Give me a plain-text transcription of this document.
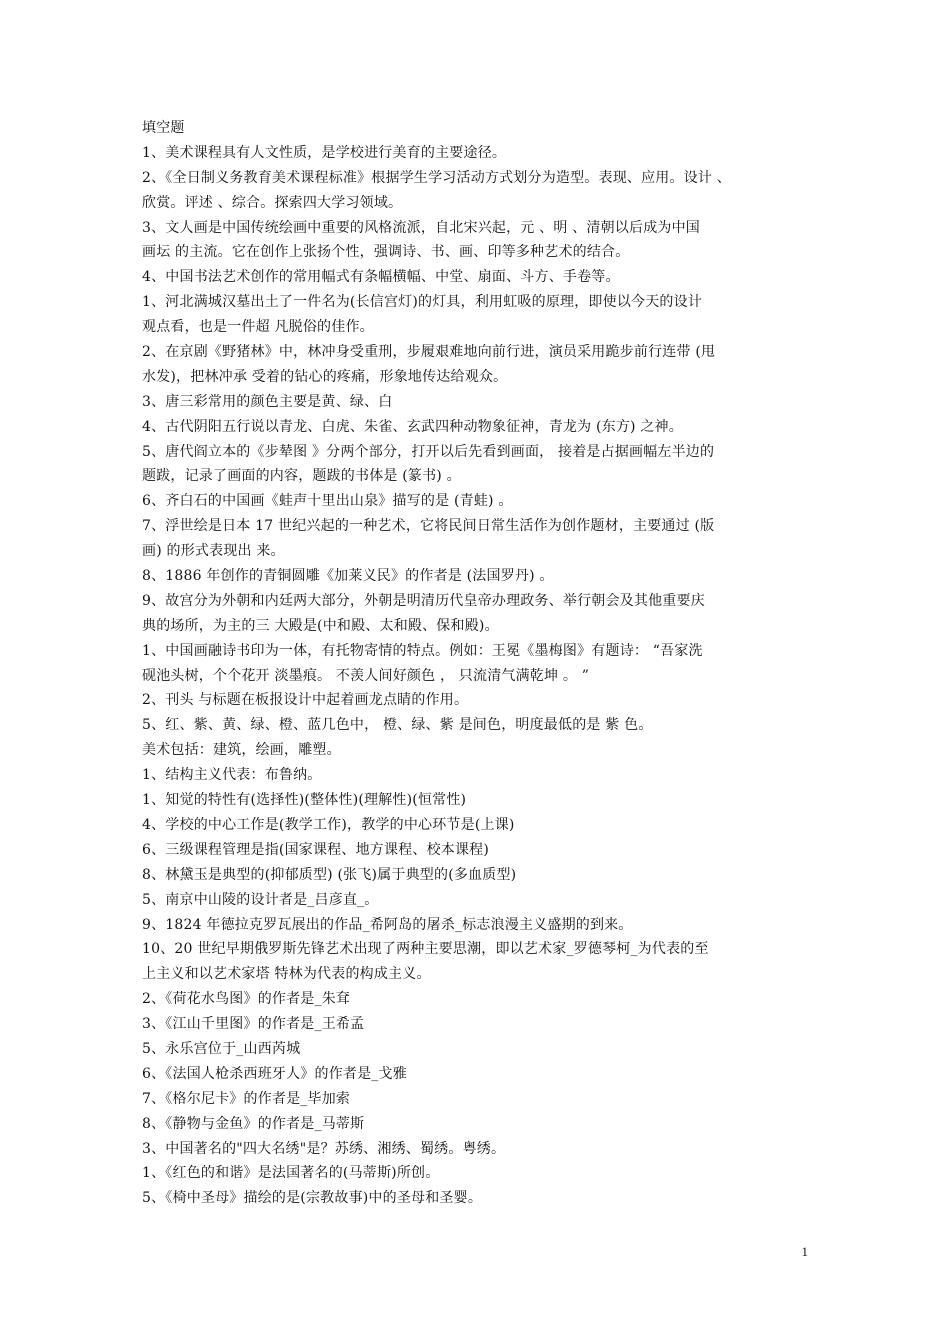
填空题
1、美术课程具有人文性质，是学校进行美育的主要途径。
2、《全日制义务教育美术课程标准》根据学生学习活动方式划分为造型。表现、应用。设计 、
欣赏。评述 、综合。探索四大学习领域。
3、文人画是中国传统绘画中重要的风格流派，自北宋兴起，元 、明 、清朝以后成为中国
画坛 的主流。它在创作上张扬个性，强调诗、书、画、印等多种艺术的结合。
4、中国书法艺术创作的常用幅式有条幅横幅、中堂、扇面、斗方、手卷等。
1、河北满城汉墓出土了一件名为(长信宫灯)的灯具，利用虹吸的原理，即使以今天的设计
观点看，也是一件超 凡脱俗的佳作。
2、在京剧《野猪林》中，林冲身受重刑，步履艰难地向前行进，演员采用跪步前行连带 (甩
水发)，把林冲承 受着的钻心的疼痛，形象地传达给观众。
3、唐三彩常用的颜色主要是黄、绿、白
4、古代阴阳五行说以青龙、白虎、朱雀、玄武四种动物象征神，青龙为 (东方) 之神。
5、唐代阎立本的《步辇图 》分两个部分，打开以后先看到画面， 接着是占据画幅左半边的
题跋，记录了画面的内容，题跋的书体是 (篆书) 。
6、齐白石的中国画《蛙声十里出山泉》描写的是 (青蛙) 。
7、浮世绘是日本 17 世纪兴起的一种艺术，它将民间日常生活作为创作题材，主要通过 (版
画) 的形式表现出 来。
8、1886 年创作的青铜圆雕《加莱义民》的作者是 (法国罗丹) 。
9、故宫分为外朝和内廷两大部分，外朝是明清历代皇帝办理政务、举行朝会及其他重要庆
典的场所，为主的三 大殿是(中和殿、太和殿、保和殿)。
1、中国画融诗书印为一体，有托物寄情的特点。例如：王冕《墨梅图》有题诗： “吾家洗
砚池头树，个个花开 淡墨痕。 不羡人间好颜色 ， 只流清气满乾坤 。 ”
2、刊头 与标题在板报设计中起着画龙点睛的作用。
5、红、紫、黄、绿、橙、蓝几色中， 橙、绿、紫 是间色，明度最低的是 紫 色。
美术包括：建筑，绘画，雕塑。
1、结构主义代表：布鲁纳。
1、知觉的特性有(选择性)(整体性)(理解性)(恒常性)
4、学校的中心工作是(教学工作)，教学的中心环节是(上课)
6、三级课程管理是指(国家课程、地方课程、校本课程)
8、林黛玉是典型的(抑郁质型) (张飞)属于典型的(多血质型)
5、南京中山陵的设计者是_吕彦直_。
9、1824 年德拉克罗瓦展出的作品_希阿岛的屠杀_标志浪漫主义盛期的到来。
10、20 世纪早期俄罗斯先锋艺术出现了两种主要思潮，即以艺术家_罗德琴柯_为代表的至
上主义和以艺术家塔 特林为代表的构成主义。
2、《荷花水鸟图》的作者是_朱耷
3、《江山千里图》的作者是_王希孟
5、永乐宫位于_山西芮城
6、《法国人枪杀西班牙人》的作者是_戈雅
7、《格尔尼卡》的作者是_毕加索
8、《静物与金鱼》的作者是_马蒂斯
3、中国著名的"四大名绣"是？苏绣、湘绣、蜀绣。粤绣。
1、《红色的和谐》是法国著名的(马蒂斯)所创。
5、《椅中圣母》描绘的是(宗教故事)中的圣母和圣婴。
1
